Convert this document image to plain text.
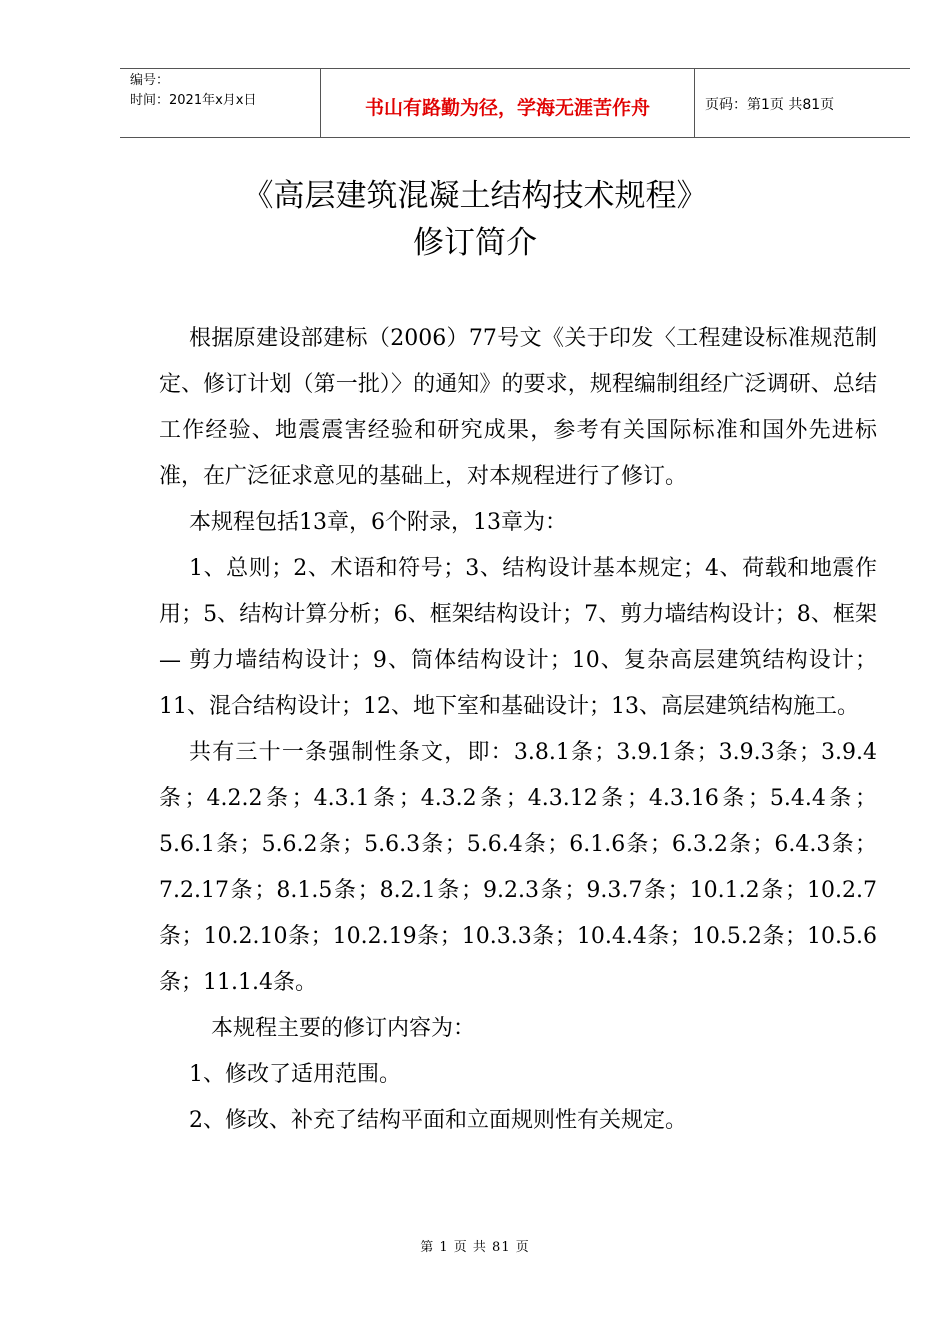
编号：
时间：2021年x月x日	书山有路勤为径，学海无涯苦作舟	页码：第1页 共81页
《高层建筑混凝土结构技术规程》
修订简介

根据原建设部建标（2006）77号文《关于印发〈工程建设标准规范制定、修订计划（第一批）〉的通知》的要求，规程编制组经广泛调研、总结工作经验、地震震害经验和研究成果，参考有关国际标准和国外先进标准，在广泛征求意见的基础上，对本规程进行了修订。

本规程包括13章，6个附录，13章为：

1、总则；2、术语和符号；3、结构设计基本规定；4、荷载和地震作用；5、结构计算分析；6、框架结构设计；7、剪力墙结构设计；8、框架 — 剪力墙结构设计；9、筒体结构设计；10、复杂高层建筑结构设计；11、混合结构设计；12、地下室和基础设计；13、高层建筑结构施工。

共有三十一条强制性条文，即：3.8.1条；3.9.1条；3.9.3条；3.9.4条；4.2.2条；4.3.1条；4.3.2条；4.3.12条；4.3.16条；5.4.4条；5.6.1条；5.6.2条；5.6.3条；5.6.4条；6.1.6条；6.3.2条；6.4.3条；7.2.17条；8.1.5条；8.2.1条；9.2.3条；9.3.7条；10.1.2条；10.2.7条；10.2.10条；10.2.19条；10.3.3条；10.4.4条；10.5.2条；10.5.6条；11.1.4条。

本规程主要的修订内容为：

1、修改了适用范围。

2、修改、补充了结构平面和立面规则性有关规定。

第 1 页 共 81 页
